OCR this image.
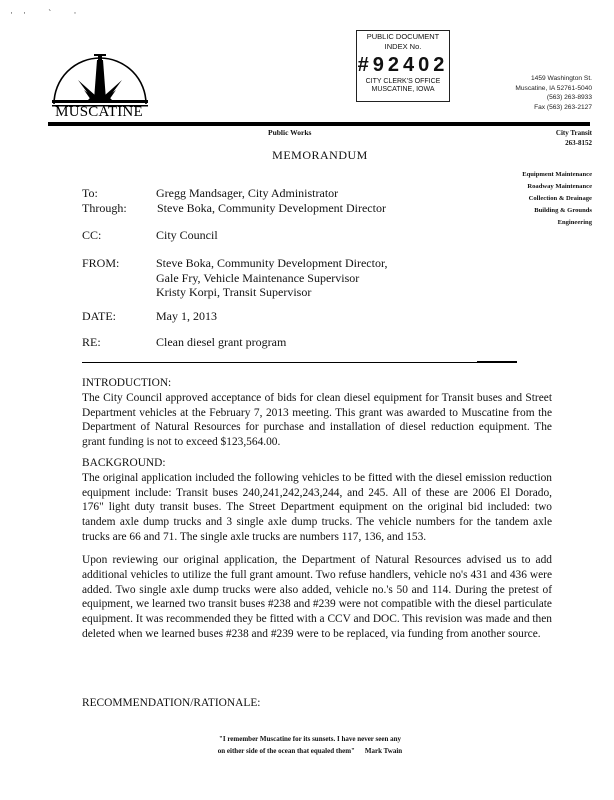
·· ˋ ·
MUSCATINE
PUBLIC DOCUMENT
INDEX No.
#92402
CITY CLERK'S OFFICE
MUSCATINE, IOWA
1459 Washington St.
Muscatine, IA 52761-5040
(563) 263-8933
Fax (563) 263-2127
Public Works	City Transit
263-8152
MEMORANDUM
Equipment Maintenance
Roadway Maintenance
Collection & Drainage
Building & Grounds
Engineering
To:	Gregg Mandsager, City Administrator
Through:	Steve Boka, Community Development Director
CC:	City Council
FROM:	Steve Boka, Community Development Director,
Gale Fry, Vehicle Maintenance Supervisor
Kristy Korpi, Transit Supervisor
DATE:	May 1, 2013
RE:	Clean diesel grant program
INTRODUCTION:
The City Council approved acceptance of bids for clean diesel equipment for Transit buses and Street Department vehicles at the February 7, 2013 meeting. This grant was awarded to Muscatine from the Department of Natural Resources for purchase and installation of diesel reduction equipment. The grant funding is not to exceed $123,564.00.
BACKGROUND:
The original application included the following vehicles to be fitted with the diesel emission reduction equipment include: Transit buses 240,241,242,243,244, and 245. All of these are 2006 El Dorado, 176" light duty transit buses. The Street Department equipment on the original bid included: two tandem axle dump trucks and 3 single axle dump trucks. The vehicle numbers for the tandem axle trucks are 66 and 71. The single axle trucks are numbers 117, 136, and 153.
Upon reviewing our original application, the Department of Natural Resources advised us to add additional vehicles to utilize the full grant amount. Two refuse handlers, vehicle no's 431 and 436 were added. Two single axle dump trucks were also added, vehicle no.'s 50 and 114. During the pretest of equipment, we learned two transit buses #238 and #239 were not compatible with the diesel particulate equipment. It was recommended they be fitted with a CCV and DOC. This revision was made and then deleted when we learned buses #238 and #239 were to be replaced, via funding from another source.
RECOMMENDATION/RATIONALE:
"I remember Muscatine for its sunsets. I have never seen any
on either side of the ocean that equaled them" Mark Twain
